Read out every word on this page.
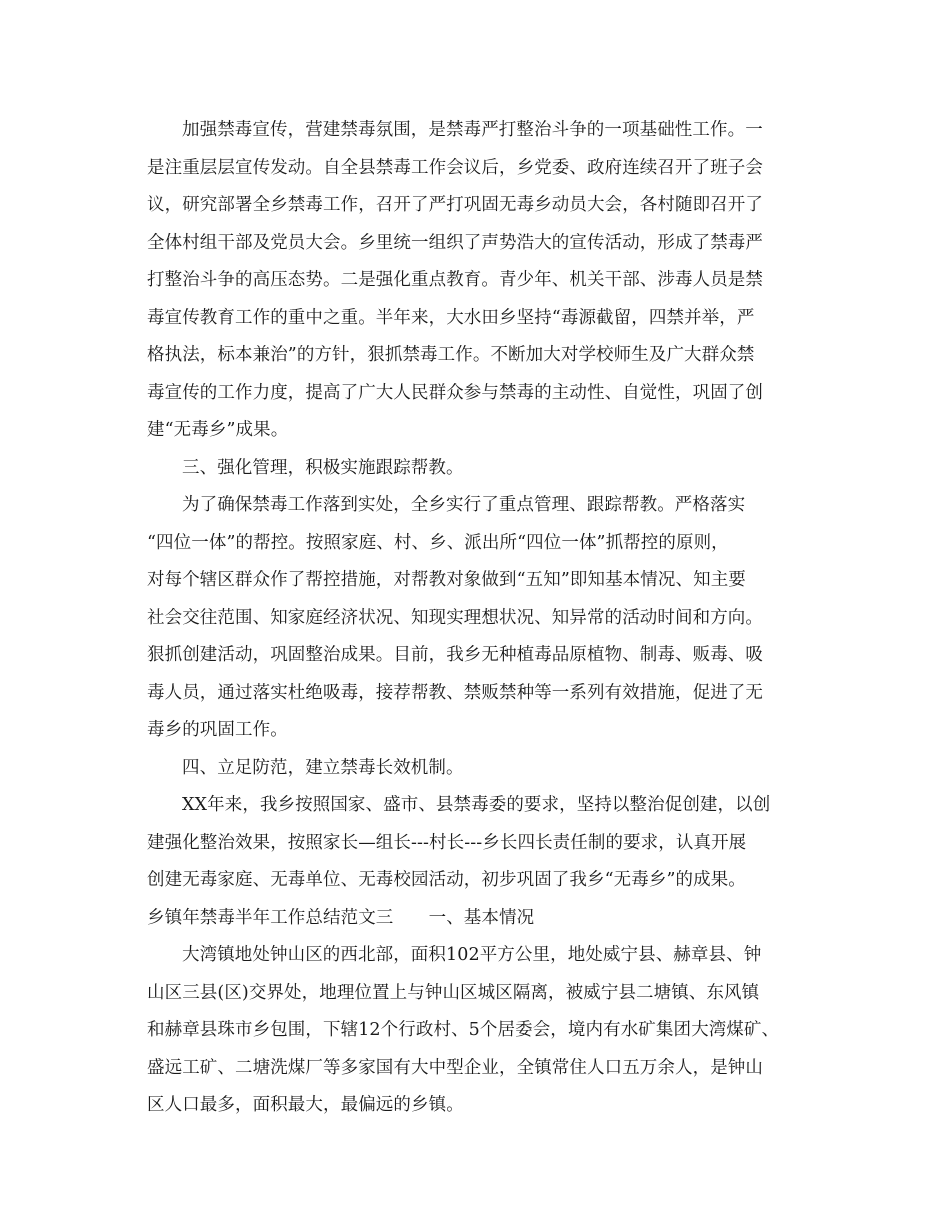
加强禁毒宣传，营建禁毒氛围，是禁毒严打整治斗争的一项基础性工作。一
是注重层层宣传发动。自全县禁毒工作会议后，乡党委、政府连续召开了班子会
议，研究部署全乡禁毒工作，召开了严打巩固无毒乡动员大会，各村随即召开了
全体村组干部及党员大会。乡里统一组织了声势浩大的宣传活动，形成了禁毒严
打整治斗争的高压态势。二是强化重点教育。青少年、机关干部、涉毒人员是禁
毒宣传教育工作的重中之重。半年来，大水田乡坚持“毒源截留，四禁并举，严
格执法，标本兼治”的方针，狠抓禁毒工作。不断加大对学校师生及广大群众禁
毒宣传的工作力度，提高了广大人民群众参与禁毒的主动性、自觉性，巩固了创
建“无毒乡”成果。
三、强化管理，积极实施跟踪帮教。
为了确保禁毒工作落到实处，全乡实行了重点管理、跟踪帮教。严格落实
“四位一体”的帮控。按照家庭、村、乡、派出所“四位一体”抓帮控的原则，
对每个辖区群众作了帮控措施，对帮教对象做到“五知”即知基本情况、知主要
社会交往范围、知家庭经济状况、知现实理想状况、知异常的活动时间和方向。
狠抓创建活动，巩固整治成果。目前，我乡无种植毒品原植物、制毒、贩毒、吸
毒人员，通过落实杜绝吸毒，接荐帮教、禁贩禁种等一系列有效措施，促进了无
毒乡的巩固工作。
四、立足防范，建立禁毒长效机制。
XX年来，我乡按照国家、盛市、县禁毒委的要求，坚持以整治促创建，以创
建强化整治效果，按照家长—组长---村长---乡长四长责任制的要求，认真开展
创建无毒家庭、无毒单位、无毒校园活动，初步巩固了我乡“无毒乡”的成果。
乡镇年禁毒半年工作总结范文三　　一、基本情况
大湾镇地处钟山区的西北部，面积102平方公里，地处威宁县、赫章县、钟
山区三县(区)交界处，地理位置上与钟山区城区隔离，被威宁县二塘镇、东风镇
和赫章县珠市乡包围，下辖12个行政村、5个居委会，境内有水矿集团大湾煤矿、
盛远工矿、二塘洗煤厂等多家国有大中型企业，全镇常住人口五万余人，是钟山
区人口最多，面积最大，最偏远的乡镇。
